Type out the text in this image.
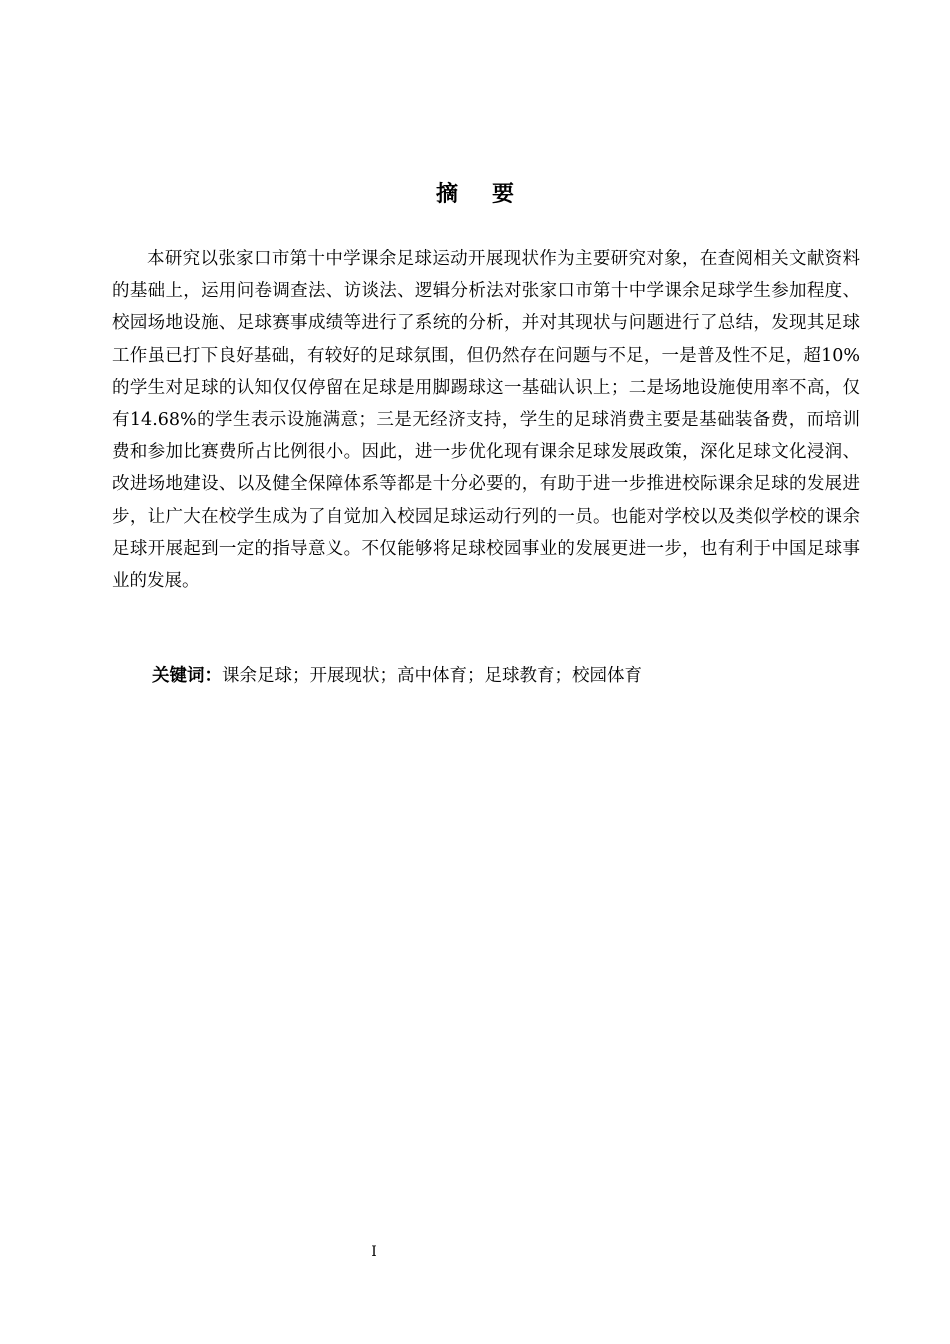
摘要

本研究以张家口市第十中学课余足球运动开展现状作为主要研究对象，在查阅相关文献资料的基础上，运用问卷调查法、访谈法、逻辑分析法对张家口市第十中学课余足球学生参加程度、校园场地设施、足球赛事成绩等进行了系统的分析，并对其现状与问题进行了总结，发现其足球工作虽已打下良好基础，有较好的足球氛围，但仍然存在问题与不足，一是普及性不足，超10%的学生对足球的认知仅仅停留在足球是用脚踢球这一基础认识上；二是场地设施使用率不高，仅有14.68%的学生表示设施满意；三是无经济支持，学生的足球消费主要是基础装备费，而培训费和参加比赛费所占比例很小。因此，进一步优化现有课余足球发展政策，深化足球文化浸润、改进场地建设、以及健全保障体系等都是十分必要的，有助于进一步推进校际课余足球的发展进步，让广大在校学生成为了自觉加入校园足球运动行列的一员。也能对学校以及类似学校的课余足球开展起到一定的指导意义。不仅能够将足球校园事业的发展更进一步，也有利于中国足球事业的发展。

关键词：课余足球；开展现状；高中体育；足球教育；校园体育

I
